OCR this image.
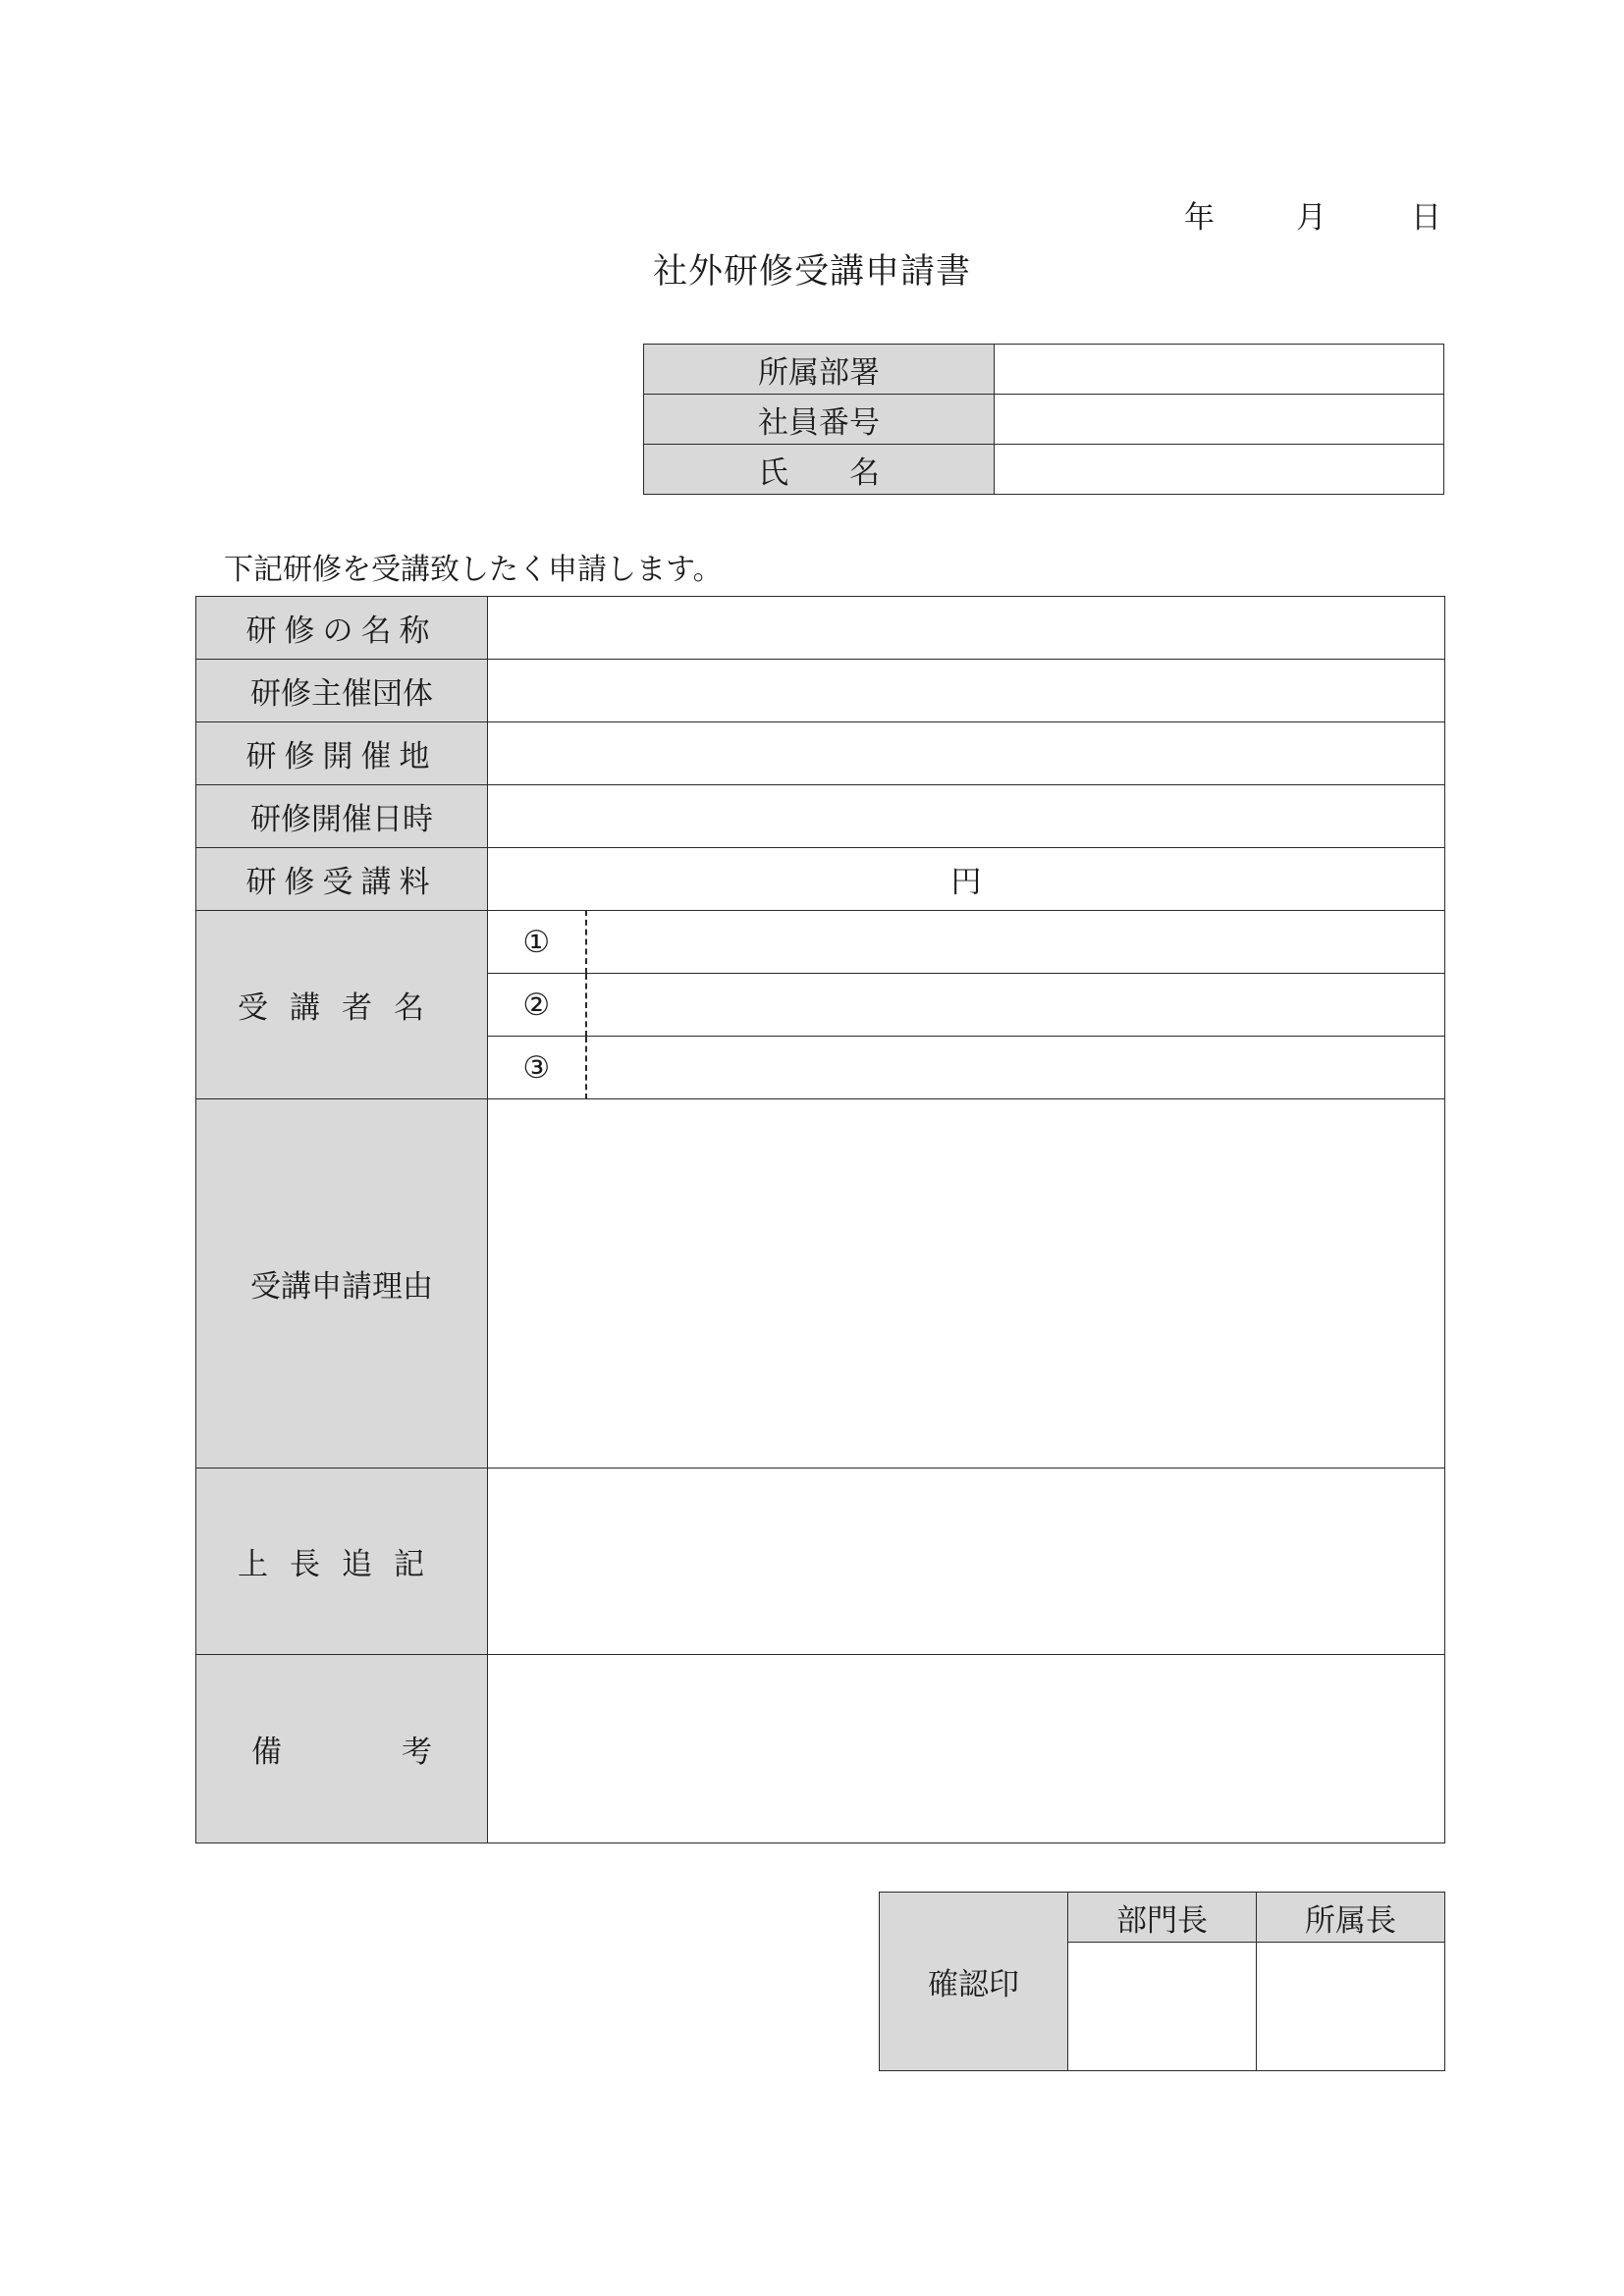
年	月	日
社外研修受講申請書
所属部署	
社員番号	
氏　　名	
下記研修を受講致したく申請します。
研修の名称		
研修主催団体		
研修開催地		
研修開催日時		
研修受講料	円	
受講者名	①	
	②	
	③	
受講申請理由		
上長追記		

備 考		

確認印	部門長	所属長
